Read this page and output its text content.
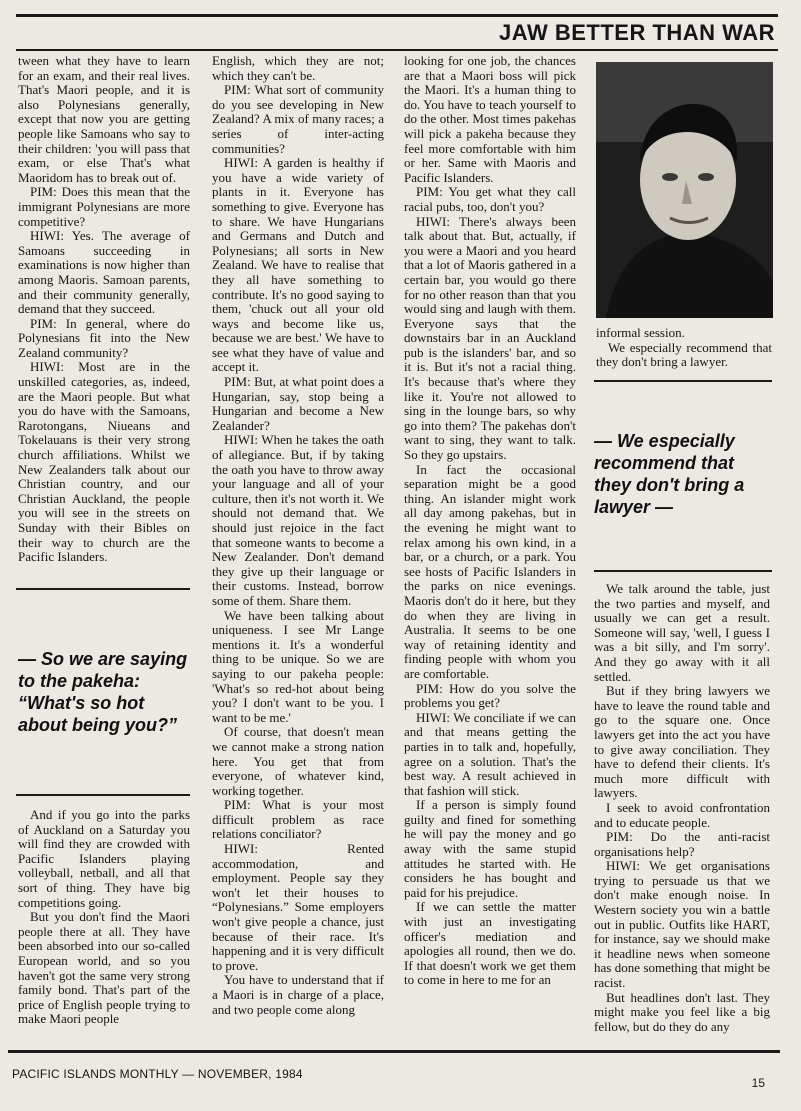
JAW BETTER THAN WAR

tween what they have to learn for an exam, and their real lives. That's Maori people, and it is also Polynesians generally, except that now you are getting people like Samoans who say to their children: 'you will pass that exam, or else That's what Maoridom has to break out of.

PIM: Does this mean that the immigrant Polynesians are more competitive?

HIWI: Yes. The average of Samoans succeeding in examinations is now higher than among Maoris. Samoan parents, and their community generally, demand that they succeed.

PIM: In general, where do Polynesians fit into the New Zealand community?

HIWI: Most are in the unskilled categories, as, indeed, are the Maori people. But what you do have with the Samoans, Rarotongans, Niueans and Tokelauans is their very strong church affiliations. Whilst we New Zealanders talk about our Christian country, and our Christian Auckland, the people you will see in the streets on Sunday with their Bibles on their way to church are the Pacific Islanders.

— So we are saying to the pakeha: “What's so hot about being you?”

And if you go into the parks of Auckland on a Saturday you will find they are crowded with Pacific Islanders playing volleyball, netball, and all that sort of thing. They have big competitions going.

But you don't find the Maori people there at all. They have been absorbed into our so-called European world, and so you haven't got the same very strong family bond. That's part of the price of English people trying to make Maori people

English, which they are not; which they can't be.

PIM: What sort of community do you see developing in New Zealand? A mix of many races; a series of inter-acting communities?

HIWI: A garden is healthy if you have a wide variety of plants in it. Everyone has something to give. Everyone has to share. We have Hungarians and Germans and Dutch and Polynesians; all sorts in New Zealand. We have to realise that they all have something to contribute. It's no good saying to them, 'chuck out all your old ways and become like us, because we are best.' We have to see what they have of value and accept it.

PIM: But, at what point does a Hungarian, say, stop being a Hungarian and become a New Zealander?

HIWI: When he takes the oath of allegiance. But, if by taking the oath you have to throw away your language and all of your culture, then it's not worth it. We should not demand that. We should just rejoice in the fact that someone wants to become a New Zealander. Don't demand they give up their language or their customs. Instead, borrow some of them. Share them.

We have been talking about uniqueness. I see Mr Lange mentions it. It's a wonderful thing to be unique. So we are saying to our pakeha people: 'What's so red-hot about being you? I don't want to be you. I want to be me.'

Of course, that doesn't mean we cannot make a strong nation here. You get that from everyone, of whatever kind, working together.

PIM: What is your most difficult problem as race relations conciliator?

HIWI: Rented accommodation, and employment. People say they won't let their houses to “Polynesians.” Some employers won't give people a chance, just because of their race. It's happening and it is very difficult to prove.

You have to understand that if a Maori is in charge of a place, and two people come along

looking for one job, the chances are that a Maori boss will pick the Maori. It's a human thing to do. You have to teach yourself to do the other. Most times pakehas will pick a pakeha because they feel more comfortable with him or her. Same with Maoris and Pacific Islanders.

PIM: You get what they call racial pubs, too, don't you?

HIWI: There's always been talk about that. But, actually, if you were a Maori and you heard that a lot of Maoris gathered in a certain bar, you would go there for no other reason than that you would sing and laugh with them. Everyone says that the downstairs bar in an Auckland pub is the islanders' bar, and so it is. But it's not a racial thing. It's because that's where they like it. You're not allowed to sing in the lounge bars, so why go into them? The pakehas don't want to sing, they want to talk. So they go upstairs.

In fact the occasional separation might be a good thing. An islander might work all day among pakehas, but in the evening he might want to relax among his own kind, in a bar, or a church, or a park. You see hosts of Pacific Islanders in the parks on nice evenings. Maoris don't do it here, but they do when they are living in Australia. It seems to be one way of retaining identity and finding people with whom you are comfortable.

PIM: How do you solve the problems you get?

HIWI: We conciliate if we can and that means getting the parties in to talk and, hopefully, agree on a solution. That's the best way. A result achieved in that fashion will stick.

If a person is simply found guilty and fined for something he will pay the money and go away with the same stupid attitudes he started with. He considers he has bought and paid for his prejudice.

If we can settle the matter with just an investigating officer's mediation and apologies all round, then we do. If that doesn't work we get them to come in here to me for an

informal session.

We especially recommend that they don't bring a lawyer.

— We especially recommend that they don't bring a lawyer —

We talk around the table, just the two parties and myself, and usually we can get a result. Someone will say, 'well, I guess I was a bit silly, and I'm sorry'. And they go away with it all settled.

But if they bring lawyers we have to leave the round table and go to the square one. Once lawyers get into the act you have to give away conciliation. They have to defend their clients. It's much more difficult with lawyers.

I seek to avoid confrontation and to educate people.

PIM: Do the anti-racist organisations help?

HIWI: We get organisations trying to persuade us that we don't make enough noise. In Western society you win a battle out in public. Outfits like HART, for instance, say we should make it headline news when someone has done something that might be racist.

But headlines don't last. They might make you feel like a big fellow, but do they do any

PACIFIC ISLANDS MONTHLY — NOVEMBER, 1984
15
